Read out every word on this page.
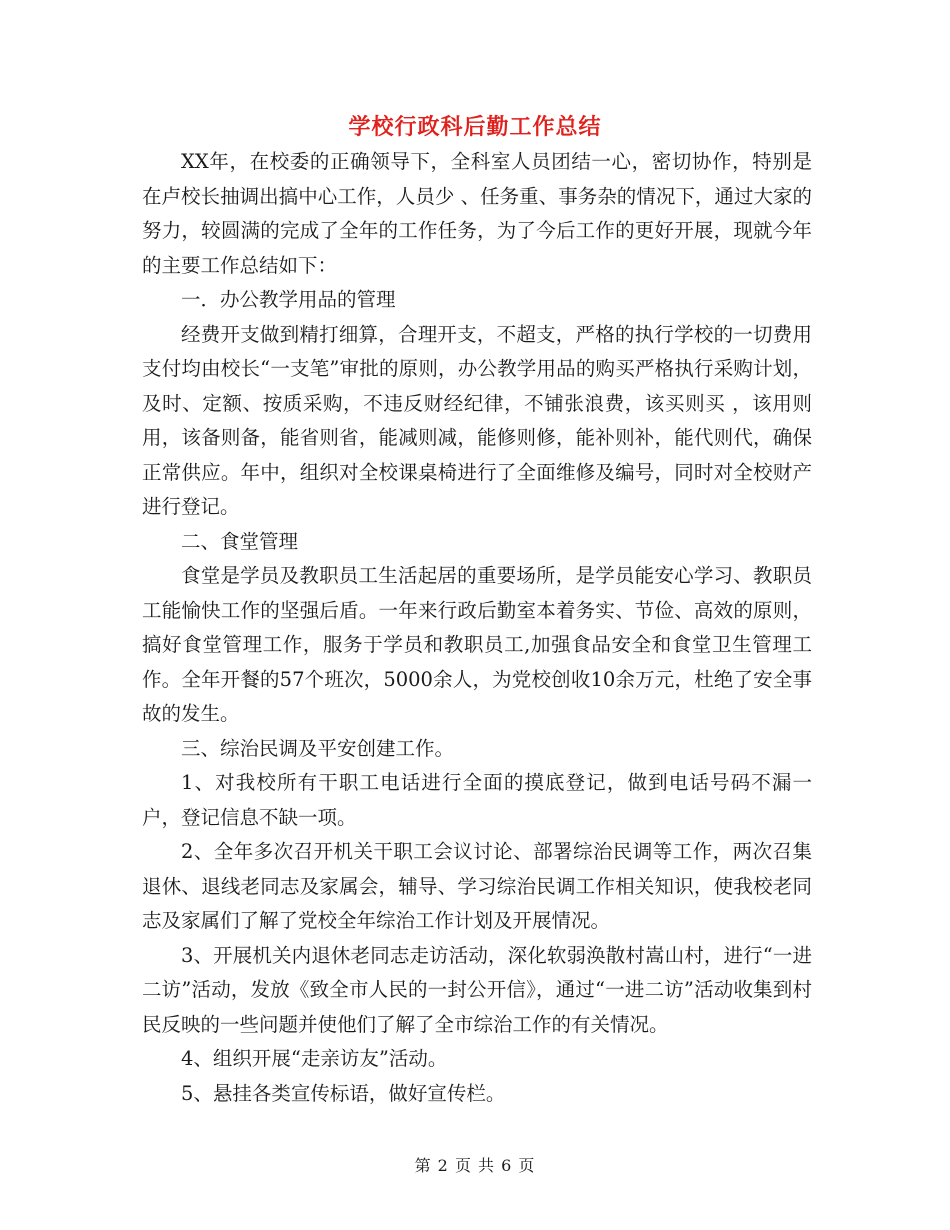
学校行政科后勤工作总结

XX年，在校委的正确领导下，全科室人员团结一心，密切协作，特别是在卢校长抽调出搞中心工作，人员少 、任务重、事务杂的情况下，通过大家的努力，较圆满的完成了全年的工作任务，为了今后工作的更好开展，现就今年的主要工作总结如下：

一．办公教学用品的管理

经费开支做到精打细算，合理开支，不超支，严格的执行学校的一切费用支付均由校长“一支笔”审批的原则，办公教学用品的购买严格执行采购计划，及时、定额、按质采购，不违反财经纪律，不铺张浪费，该买则买 ，该用则用，该备则备，能省则省，能减则减，能修则修，能补则补，能代则代，确保正常供应。年中，组织对全校课桌椅进行了全面维修及编号，同时对全校财产进行登记。

二、食堂管理

食堂是学员及教职员工生活起居的重要场所，是学员能安心学习、教职员工能愉快工作的坚强后盾。一年来行政后勤室本着务实、节俭、高效的原则，搞好食堂管理工作，服务于学员和教职员工,加强食品安全和食堂卫生管理工作。全年开餐的57个班次，5000余人，为党校创收10余万元，杜绝了安全事故的发生。

三、综治民调及平安创建工作。

1、对我校所有干职工电话进行全面的摸底登记，做到电话号码不漏一户，登记信息不缺一项。

2、全年多次召开机关干职工会议讨论、部署综治民调等工作，两次召集退休、退线老同志及家属会，辅导、学习综治民调工作相关知识，使我校老同志及家属们了解了党校全年综治工作计划及开展情况。

3、开展机关内退休老同志走访活动，深化软弱涣散村嵩山村，进行“一进二访”活动，发放《致全市人民的一封公开信》，通过“一进二访”活动收集到村民反映的一些问题并使他们了解了全市综治工作的有关情况。

4、组织开展“走亲访友”活动。

5、悬挂各类宣传标语，做好宣传栏。

第 2 页 共 6 页
